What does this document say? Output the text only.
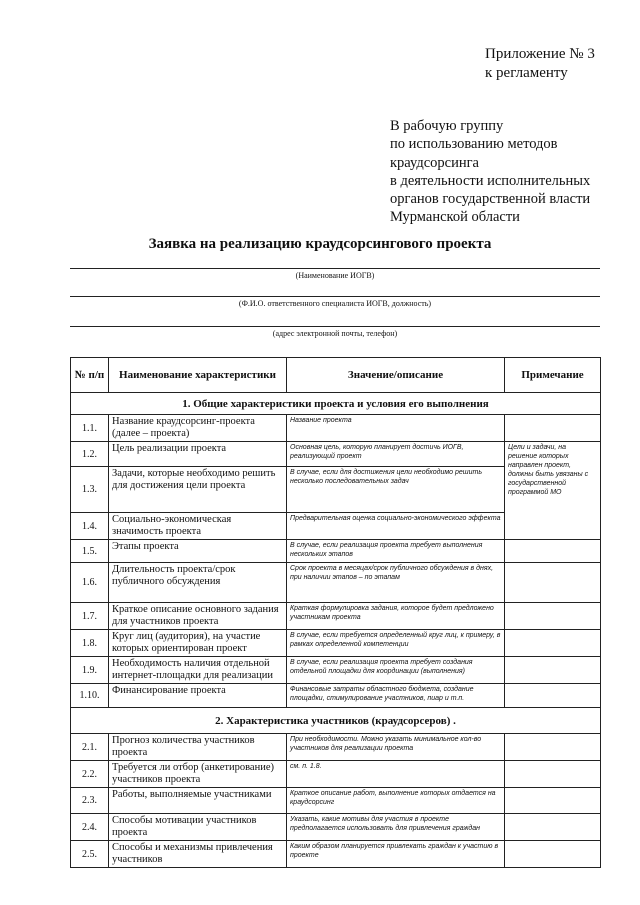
Приложение № 3
к регламенту
В рабочую группу
по использованию методов
краудсорсинга
в деятельности исполнительных
органов государственной власти
Мурманской области
Заявка на реализацию краудсорсингового проекта
(Наименование ИОГВ)
(Ф.И.О. ответственного специалиста ИОГВ, должность)
(адрес электронной почты, телефон)
№ п/п	Наименование характеристики	Значение/описание	Примечание
1. Общие характеристики проекта и условия его выполнения			
1.1.	Название краудсорсинг-проекта (далее – проекта)	Название проекта	
1.2.	Цель реализации проекта	Основная цель, которую планирует достичь ИОГВ, реализующий проект	Цели и задачи, на решение которых направлен проект, должны быть увязаны с государственной программой МО
1.3.	Задачи, которые необходимо решить для достижения цели проекта	В случае, если для достижения цели необходимо решить несколько последовательных задач	
1.4.	Социально-экономическая значимость проекта	Предварительная оценка социально-экономического эффекта	
1.5.	Этапы проекта	В случае, если реализация проекта требует выполнения нескольких этапов	
1.6.	Длительность проекта/срок публичного обсуждения	Срок проекта в месяцах/срок публичного обсуждения в днях, при наличии этапов – по этапам	
1.7.	Краткое описание основного задания для участников проекта	Краткая формулировка задания, которое будет предложено участникам проекта	
1.8.	Круг лиц (аудитория), на участие которых ориентирован проект	В случае, если требуется определенный круг лиц, к примеру, в рамках определенной компетенции	
1.9.	Необходимость наличия отдельной интернет-площадки для реализации	В случае, если реализация проекта требует создания отдельной площадки для координации (выполнения)	
1.10.	Финансирование проекта	Финансовые затраты областного бюджета, создание площадки, стимулирование участников, пиар и т.п.	
2. Характеристика участников (краудсорсеров) .			
2.1.	Прогноз количества участников проекта	При необходимости. Можно указать минимальное кол-во участников для реализации проекта	
2.2.	Требуется ли отбор (анкетирование) участников проекта	см. п. 1.8.	
2.3.	Работы, выполняемые участниками	Краткое описание работ, выполнение которых отдается на краудсорсинг	
2.4.	Способы мотивации участников проекта	Указать, какие мотивы для участия в проекте предполагается использовать для привлечения граждан	
2.5.	Способы и механизмы привлечения участников	Каким образом планируется привлекать граждан к участию в проекте	
